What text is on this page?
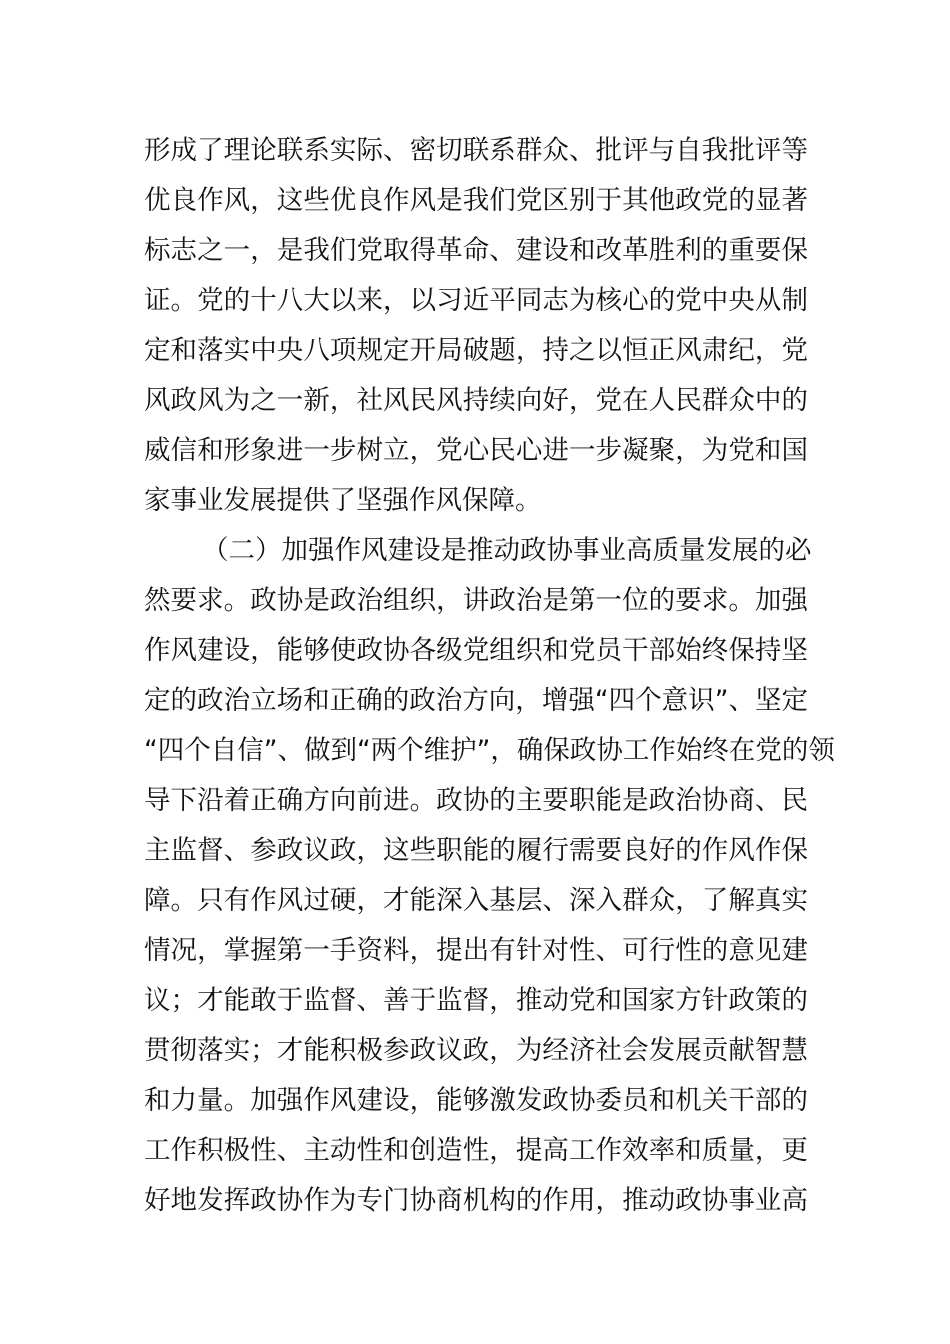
形成了理论联系实际、密切联系群众、批评与自我批评等
优良作风，这些优良作风是我们党区别于其他政党的显著
标志之一，是我们党取得革命、建设和改革胜利的重要保
证。党的十八大以来，以习近平同志为核心的党中央从制
定和落实中央八项规定开局破题，持之以恒正风肃纪，党
风政风为之一新，社风民风持续向好，党在人民群众中的
威信和形象进一步树立，党心民心进一步凝聚，为党和国
家事业发展提供了坚强作风保障。
（二）加强作风建设是推动政协事业高质量发展的必
然要求。政协是政治组织，讲政治是第一位的要求。加强
作风建设，能够使政协各级党组织和党员干部始终保持坚
定的政治立场和正确的政治方向，增强“四个意识”、坚定
“四个自信”、做到“两个维护”，确保政协工作始终在党的领
导下沿着正确方向前进。政协的主要职能是政治协商、民
主监督、参政议政，这些职能的履行需要良好的作风作保
障。只有作风过硬，才能深入基层、深入群众，了解真实
情况，掌握第一手资料，提出有针对性、可行性的意见建
议；才能敢于监督、善于监督，推动党和国家方针政策的
贯彻落实；才能积极参政议政，为经济社会发展贡献智慧
和力量。加强作风建设，能够激发政协委员和机关干部的
工作积极性、主动性和创造性，提高工作效率和质量，更
好地发挥政协作为专门协商机构的作用，推动政协事业高
